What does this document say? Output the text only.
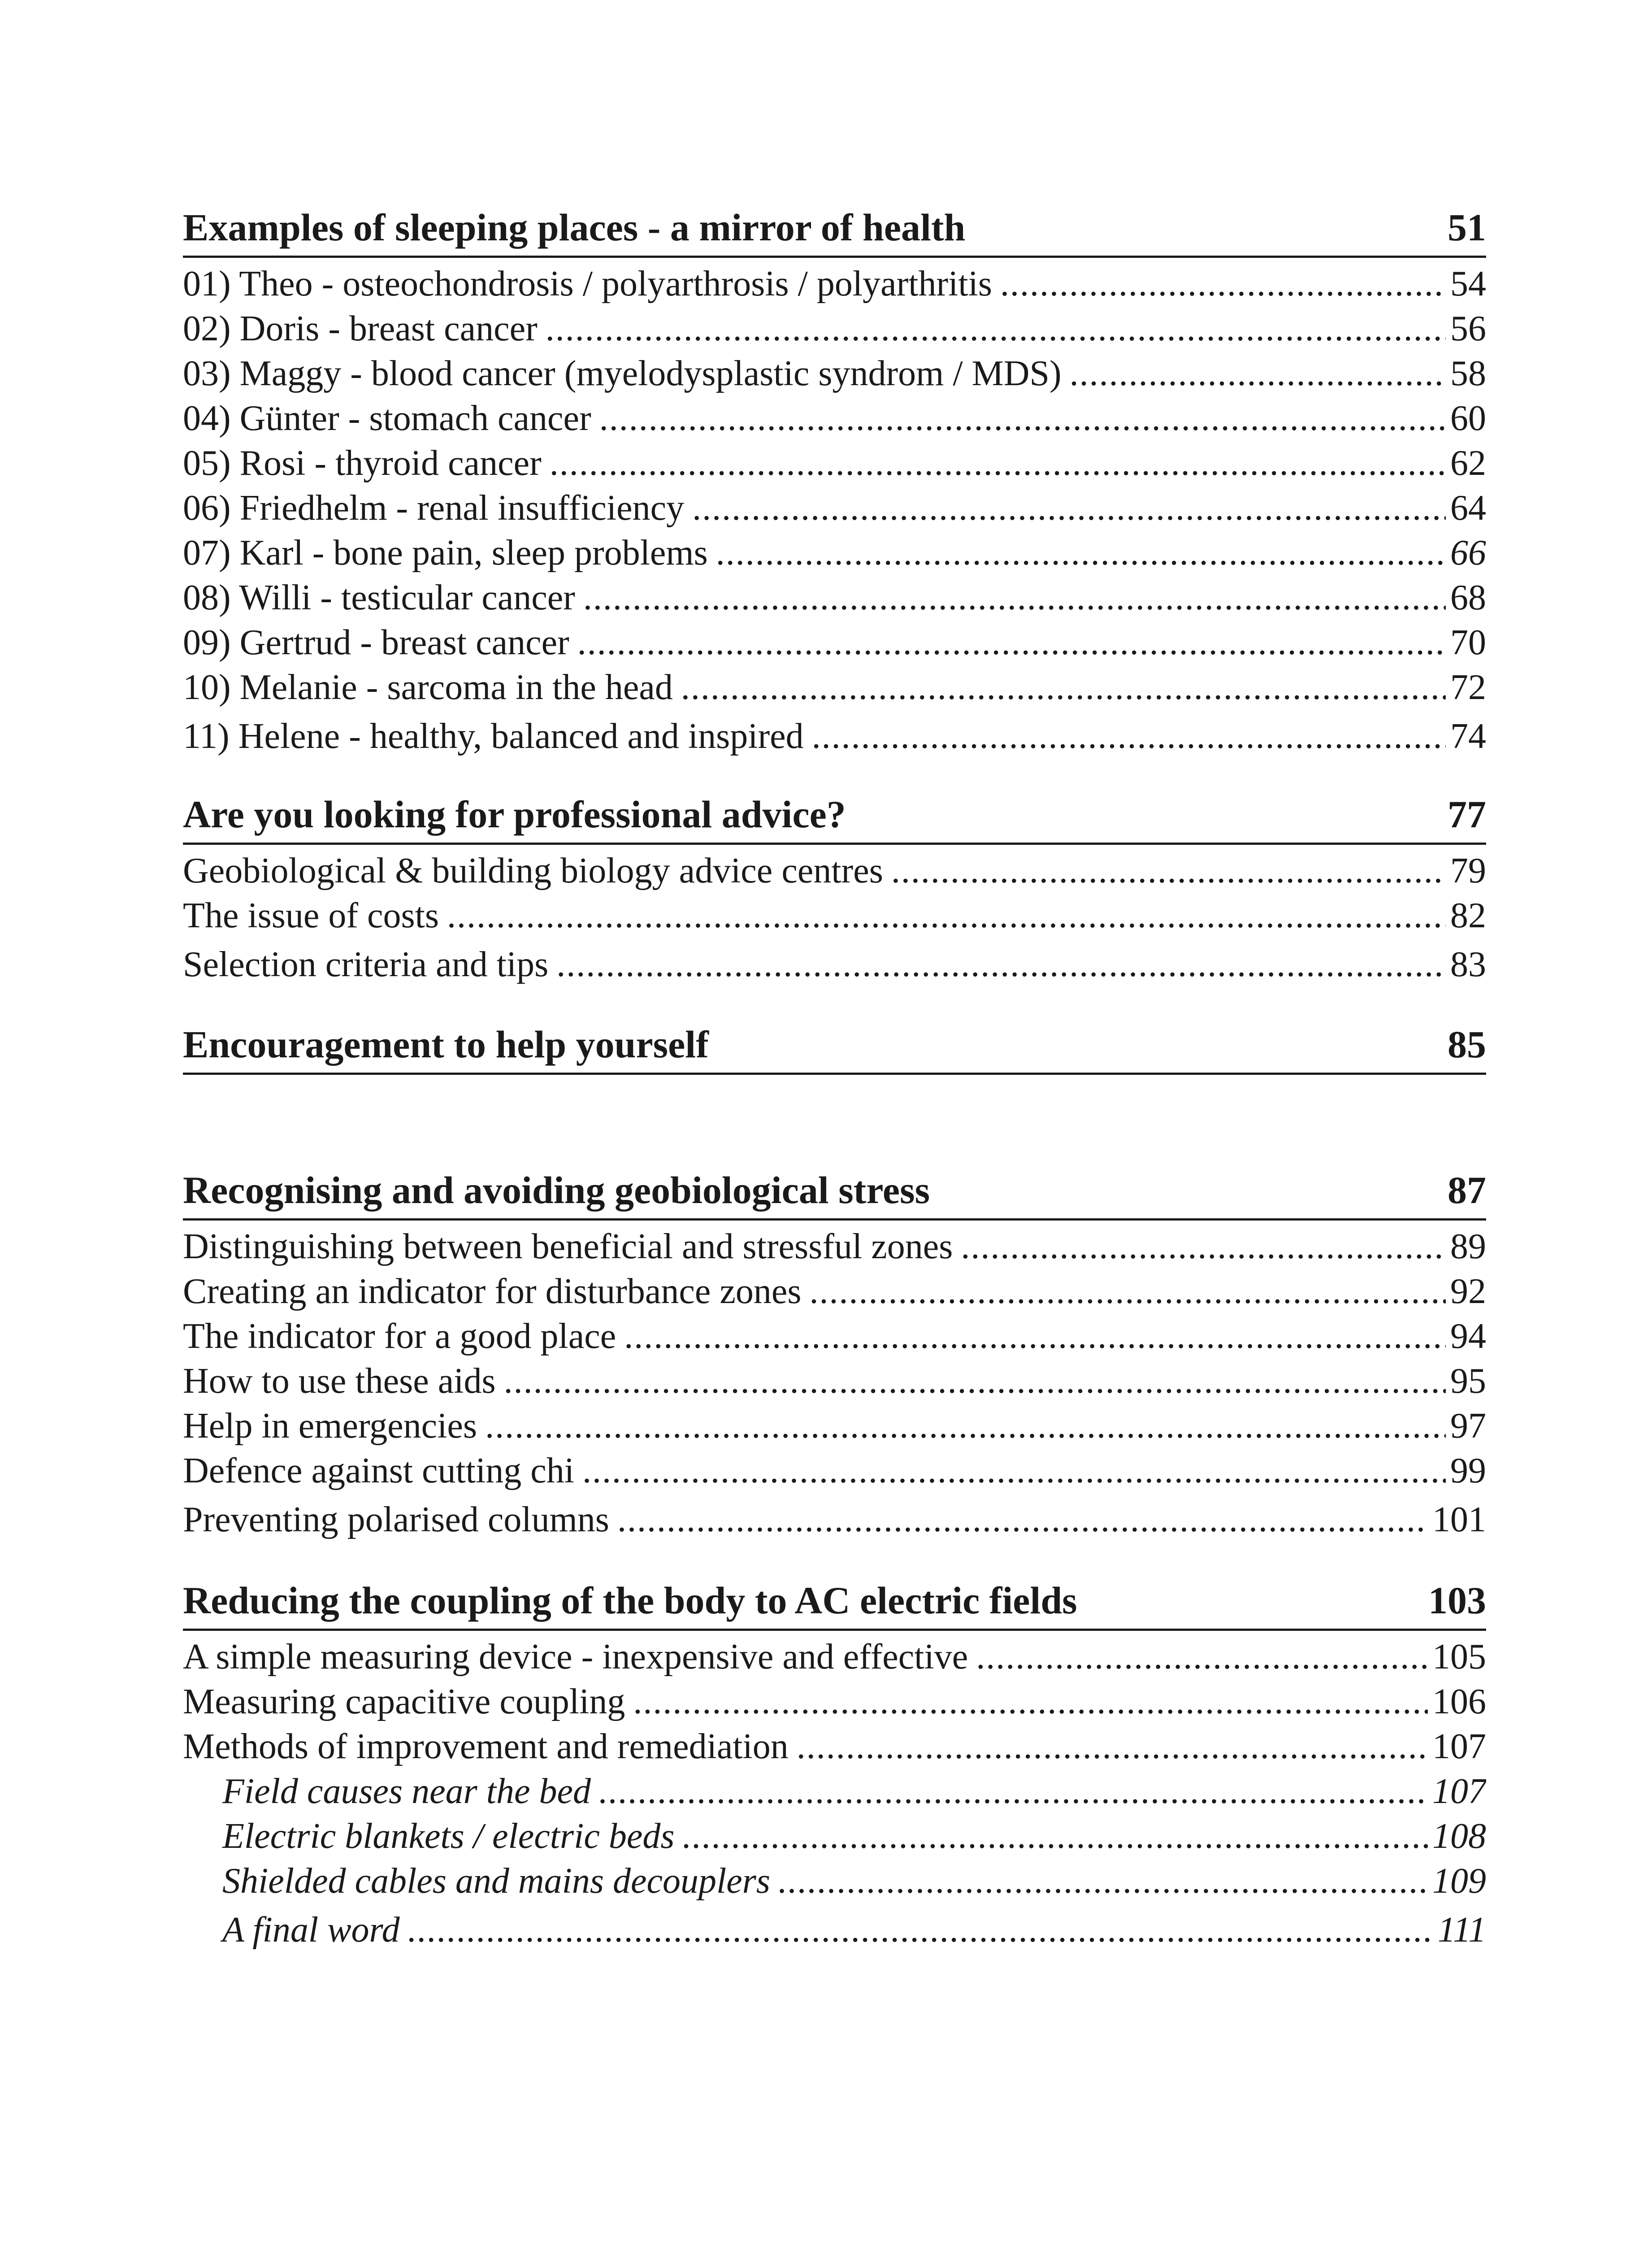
Examples of sleeping places - a mirror of health	51
01) Theo - osteochondrosis / polyarthrosis / polyarthritis .....	54
02) Doris - breast cancer .....	56
03) Maggy - blood cancer (myelodysplastic syndrom / MDS) .....	58
04) Günter - stomach cancer .....	60
05) Rosi - thyroid cancer .....	62
06) Friedhelm - renal insufficiency .....	64
07) Karl - bone pain, sleep problems .....	66
08) Willi - testicular cancer .....	68
09) Gertrud - breast cancer .....	70
10) Melanie - sarcoma in the head .....	72
11) Helene - healthy, balanced and inspired .....	74
Are you looking for professional advice?	77
Geobiological & building biology advice centres .....	79
The issue of costs .....	82
Selection criteria and tips .....	83
Encouragement to help yourself	85
Recognising and avoiding geobiological stress	87
Distinguishing between beneficial and stressful zones .....	89
Creating an indicator for disturbance zones .....	92
The indicator for a good place .....	94
How to use these aids .....	95
Help in emergencies .....	97
Defence against cutting chi .....	99
Preventing polarised columns .....	101
Reducing the coupling of the body to AC electric fields	103
A simple measuring device - inexpensive and effective .....	105
Measuring capacitive coupling .....	106
Methods of improvement and remediation .....	107
Field causes near the bed .....	107
Electric blankets / electric beds .....	108
Shielded cables and mains decouplers .....	109
A final word .....	111
